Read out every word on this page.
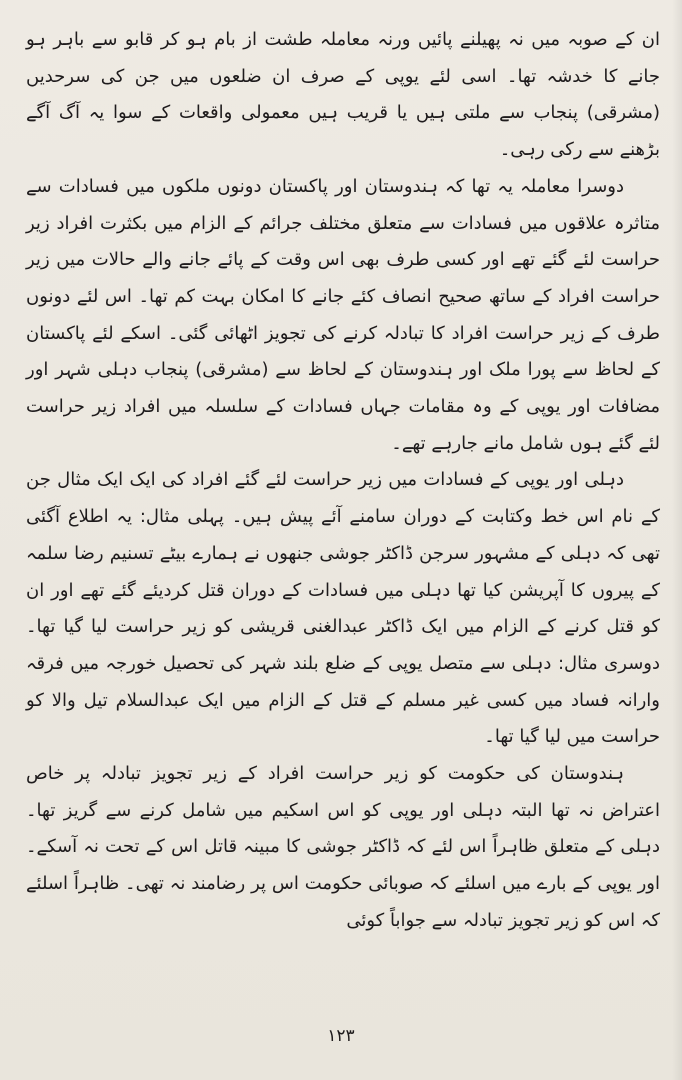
ان کے صوبہ میں نہ پھیلنے پائیں ورنہ معاملہ طشت از بام ہو کر قابو سے باہر ہو جانے کا خدشہ تھا۔ اسی لئے یوپی کے صرف ان ضلعوں میں جن کی سرحدیں (مشرقی) پنجاب سے ملتی ہیں یا قریب ہیں معمولی واقعات کے سوا یہ آگ آگے بڑھنے سے رکی رہی۔

دوسرا معاملہ یہ تھا کہ ہندوستان اور پاکستان دونوں ملکوں میں فسادات سے متاثرہ علاقوں میں فسادات سے متعلق مختلف جرائم کے الزام میں بکثرت افراد زیر حراست لئے گئے تھے اور کسی طرف بھی اس وقت کے پائے جانے والے حالات میں زیر حراست افراد کے ساتھ صحیح انصاف کئے جانے کا امکان بہت کم تھا۔ اس لئے دونوں طرف کے زیر حراست افراد کا تبادلہ کرنے کی تجویز اٹھائی گئی۔ اسکے لئے پاکستان کے لحاظ سے پورا ملک اور ہندوستان کے لحاظ سے (مشرقی) پنجاب دہلی شہر اور مضافات اور یوپی کے وہ مقامات جہاں فسادات کے سلسلہ میں افراد زیر حراست لئے گئے ہوں شامل مانے جارہے تھے۔

دہلی اور یوپی کے فسادات میں زیر حراست لئے گئے افراد کی ایک ایک مثال جن کے نام اس خط وکتابت کے دوران سامنے آئے پیش ہیں۔ پہلی مثال: یہ اطلاع آگئی تھی کہ دہلی کے مشہور سرجن ڈاکٹر جوشی جنھوں نے ہمارے بیٹے تسنیم رضا سلمہ کے پیروں کا آپریشن کیا تھا دہلی میں فسادات کے دوران قتل کردیئے گئے تھے اور ان کو قتل کرنے کے الزام میں ایک ڈاکٹر عبدالغنی قریشی کو زیر حراست لیا گیا تھا۔ دوسری مثال: دہلی سے متصل یوپی کے ضلع بلند شہر کی تحصیل خورجہ میں فرقہ وارانہ فساد میں کسی غیر مسلم کے قتل کے الزام میں ایک عبدالسلام تیل والا کو حراست میں لیا گیا تھا۔

ہندوستان کی حکومت کو زیر حراست افراد کے زیر تجویز تبادلہ پر خاص اعتراض نہ تھا البتہ دہلی اور یوپی کو اس اسکیم میں شامل کرنے سے گریز تھا۔ دہلی کے متعلق ظاہراً اس لئے کہ ڈاکٹر جوشی کا مبینہ قاتل اس کے تحت نہ آسکے۔ اور یوپی کے بارے میں اسلئے کہ صوبائی حکومت اس پر رضامند نہ تھی۔ ظاہراً اسلئے کہ اس کو زیر تجویز تبادلہ سے جواباً کوئی

۱۲۳
